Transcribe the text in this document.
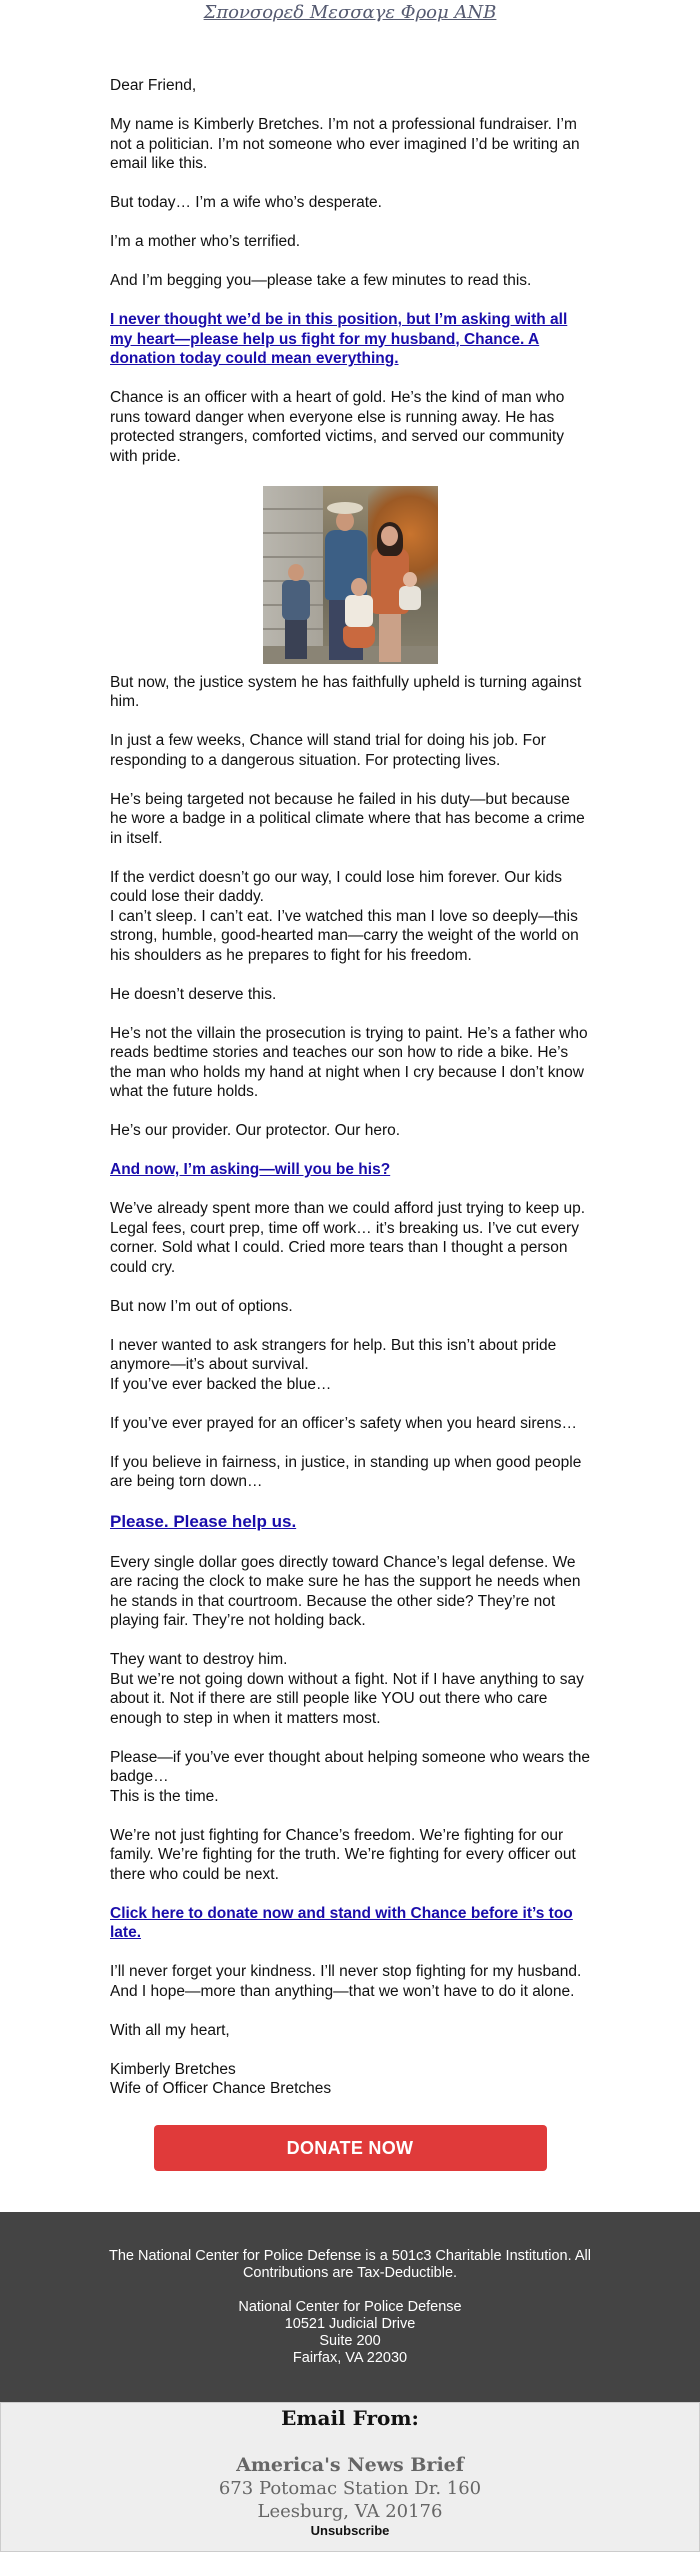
Σπονσορεδ Μεσσαγε Φρομ ΑΝΒ

Dear Friend,

My name is Kimberly Bretches. I’m not a professional fundraiser. I’m not a politician. I’m not someone who ever imagined I’d be writing an email like this.

But today… I’m a wife who’s desperate.

I’m a mother who’s terrified.

And I’m begging you—please take a few minutes to read this.

I never thought we’d be in this position, but I’m asking with all my heart—please help us fight for my husband, Chance. A donation today could mean everything.

Chance is an officer with a heart of gold. He’s the kind of man who runs toward danger when everyone else is running away. He has protected strangers, comforted victims, and served our community with pride.

But now, the justice system he has faithfully upheld is turning against him.

In just a few weeks, Chance will stand trial for doing his job. For responding to a dangerous situation. For protecting lives.

He’s being targeted not because he failed in his duty—but because he wore a badge in a political climate where that has become a crime in itself.

If the verdict doesn’t go our way, I could lose him forever. Our kids could lose their daddy.
I can’t sleep. I can’t eat. I’ve watched this man I love so deeply—this strong, humble, good-hearted man—carry the weight of the world on his shoulders as he prepares to fight for his freedom.

He doesn’t deserve this.

He’s not the villain the prosecution is trying to paint. He’s a father who reads bedtime stories and teaches our son how to ride a bike. He’s the man who holds my hand at night when I cry because I don’t know what the future holds.

He’s our provider. Our protector. Our hero.

And now, I’m asking—will you be his?

We’ve already spent more than we could afford just trying to keep up. Legal fees, court prep, time off work… it’s breaking us. I’ve cut every corner. Sold what I could. Cried more tears than I thought a person could cry.

But now I’m out of options.

I never wanted to ask strangers for help. But this isn’t about pride anymore—it’s about survival.
If you’ve ever backed the blue…

If you’ve ever prayed for an officer’s safety when you heard sirens…

If you believe in fairness, in justice, in standing up when good people are being torn down…

Please. Please help us.

Every single dollar goes directly toward Chance’s legal defense. We are racing the clock to make sure he has the support he needs when he stands in that courtroom. Because the other side? They’re not playing fair. They’re not holding back.

They want to destroy him.
But we’re not going down without a fight. Not if I have anything to say about it. Not if there are still people like YOU out there who care enough to step in when it matters most.

Please—if you’ve ever thought about helping someone who wears the badge…
This is the time.

We’re not just fighting for Chance’s freedom. We’re fighting for our family. We’re fighting for the truth. We’re fighting for every officer out there who could be next.

Click here to donate now and stand with Chance before it’s too late.

I’ll never forget your kindness. I’ll never stop fighting for my husband. And I hope—more than anything—that we won’t have to do it alone.

With all my heart,

Kimberly Bretches
Wife of Officer Chance Bretches

DONATE NOW
The National Center for Police Defense is a 501c3 Charitable Institution. All Contributions are Tax-Deductible.
National Center for Police Defense
10521 Judicial Drive
Suite 200
Fairfax, VA 22030
Email From:
America's News Brief
673 Potomac Station Dr. 160
Leesburg, VA 20176
Unsubscribe
